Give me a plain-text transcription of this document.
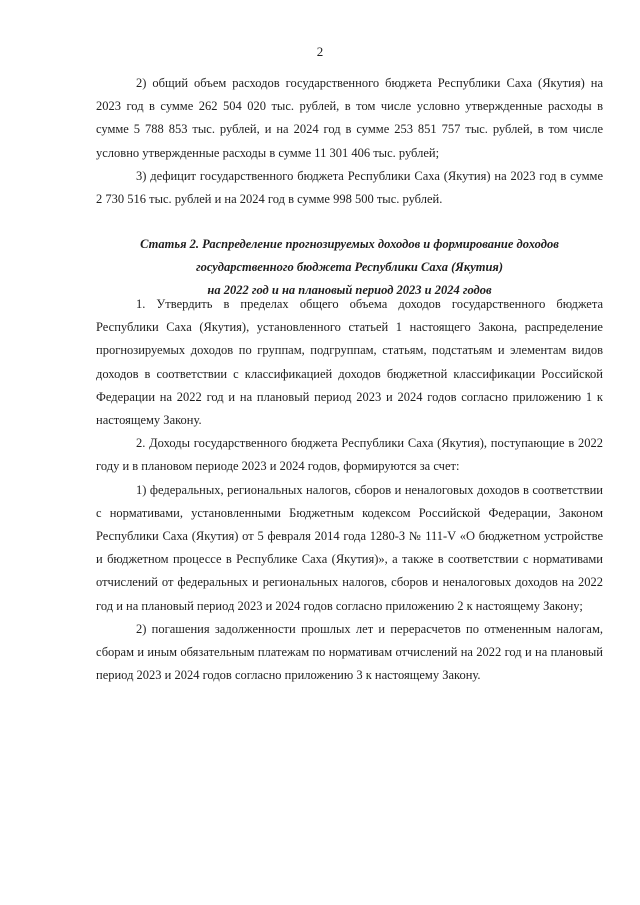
2

2) общий объем расходов государственного бюджета Республики Саха (Якутия) на 2023 год в сумме 262 504 020 тыс. рублей, в том числе условно утвержденные расходы в сумме 5 788 853 тыс. рублей, и на 2024 год в сумме 253 851 757 тыс. рублей, в том числе условно утвержденные расходы в сумме 11 301 406 тыс. рублей;

3) дефицит государственного бюджета Республики Саха (Якутия) на 2023 год в сумме 2 730 516 тыс. рублей и на 2024 год в сумме 998 500 тыс. рублей.

Статья 2. Распределение прогнозируемых доходов и формирование доходов
государственного бюджета Республики Саха (Якутия)
на 2022 год и на плановый период 2023 и 2024 годов

1. Утвердить в пределах общего объема доходов государственного бюджета Республики Саха (Якутия), установленного статьей 1 настоящего Закона, распределение прогнозируемых доходов по группам, подгруппам, статьям, подстатьям и элементам видов доходов в соответствии с классификацией доходов бюджетной классификации Российской Федерации на 2022 год и на плановый период 2023 и 2024 годов согласно приложению 1 к настоящему Закону.

2. Доходы государственного бюджета Республики Саха (Якутия), поступающие в 2022 году и в плановом периоде 2023 и 2024 годов, формируются за счет:

1) федеральных, региональных налогов, сборов и неналоговых доходов в соответствии с нормативами, установленными Бюджетным кодексом Российской Федерации, Законом Республики Саха (Якутия) от 5 февраля 2014 года 1280-З № 111-V «О бюджетном устройстве и бюджетном процессе в Республике Саха (Якутия)», а также в соответствии с нормативами отчислений от федеральных и региональных налогов, сборов и неналоговых доходов на 2022 год и на плановый период 2023 и 2024 годов согласно приложению 2 к настоящему Закону;

2) погашения задолженности прошлых лет и перерасчетов по отмененным налогам, сборам и иным обязательным платежам по нормативам отчислений на 2022 год и на плановый период 2023 и 2024 годов согласно приложению 3 к настоящему Закону.
